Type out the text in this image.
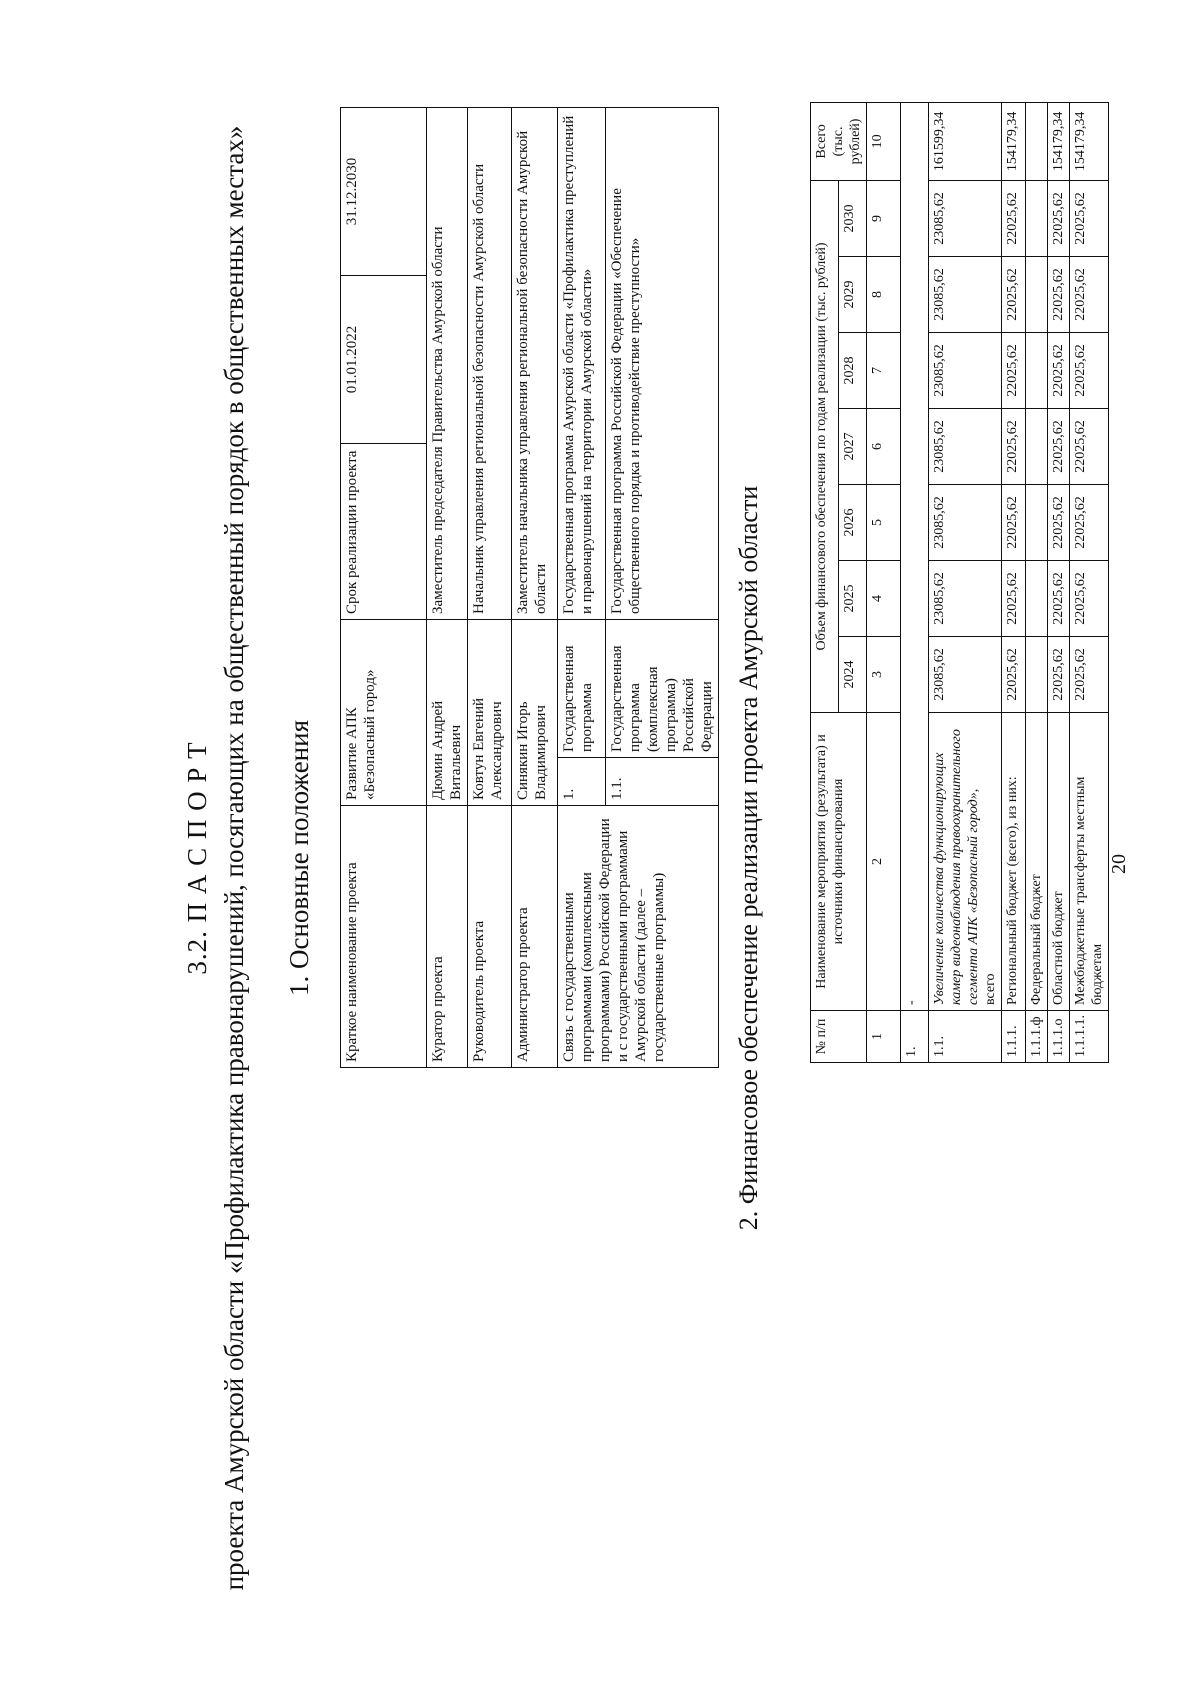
20
3.2. П А С П О Р Т проекта Амурской области «Профилактика правонарушений, посягающих на общественный порядок в общественных местах» 1. Основные положения Краткое наименование проекта	Развитие АПК «Безопасный город»		Срок реализации проекта	01.01.2022	31.12.2030
Куратор проекта	Дюмин Андрей Витальевич		Заместитель председателя Правительства Амурской области		
Руководитель проекта	Ковтун Евгений Александрович		Начальник управления региональной безопасности Амурской области		
Администратор проекта	Синякин Игорь Владимирович		Заместитель начальника управления региональной безопасности Амурской области		
Связь с государственными программами (комплексными программами) Российской Федерации и с государственными программами Амурской области (далее – государственные программы)	1.	Государственная программа	Государственная программа Амурской области «Профилактика преступлений и правонарушений на территории Амурской области»		
	1.1.	Государственная программа (комплексная программа) Российской Федерации	Государственная программа Российской Федерации «Обеспечение общественного порядка и противодействие преступности»		
2. Финансовое обеспечение реализации проекта Амурской области	№ п/п	Наименование мероприятия (результата) и источники финансирования	Объем финансового обеспечения по годам реализации (тыс. рублей)							Всего (тыс. рублей)
		2024	2025	2026	2027	2028	2029	2030	
1	2	3	4	5	6	7	8	9	10
1.	-								
1.1.	Увеличение количества функционирующих камер видеонаблюдения правоохранительного сегмента АПК «Безопасный город», всего	23085,62	23085,62	23085,62	23085,62	23085,62	23085,62	23085,62	161599,34
1.1.1.	Региональный бюджет (всего), из них:	22025,62	22025,62	22025,62	22025,62	22025,62	22025,62	22025,62	154179,34
1.1.1.ф	Федеральный бюджет								
1.1.1.о	Областной бюджет	22025,62	22025,62	22025,62	22025,62	22025,62	22025,62	22025,62	154179,34
1.1.1.1.	Межбюджетные трансферты местным бюджетам	22025,62	22025,62	22025,62	22025,62	22025,62	22025,62	22025,62	154179,34
